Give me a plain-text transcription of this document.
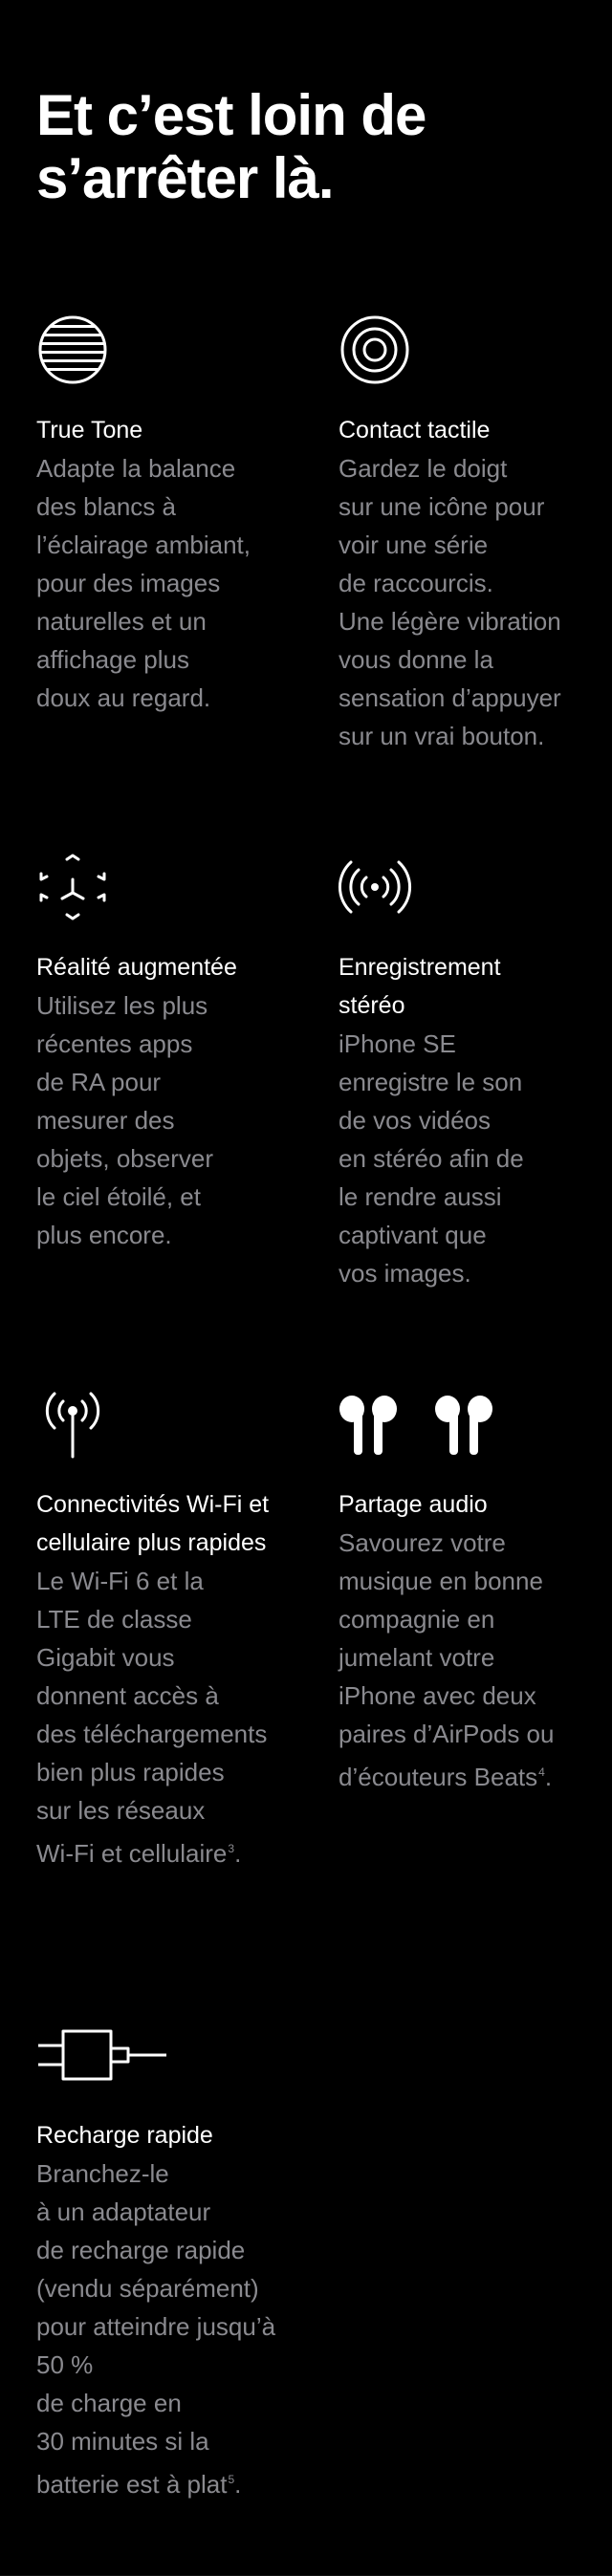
Et c’est loin de
s’arrêter là.
True Tone
Adapte la balance
des blancs à
l’éclairage ambiant,
pour des images
naturelles et un
affichage plus
doux au regard.
Contact tactile
Gardez le doigt
sur une icône pour
voir une série
de raccourcis.
Une légère vibration
vous donne la
sensation d’appuyer
sur un vrai bouton.
Réalité augmentée
Utilisez les plus
récentes apps
de RA pour
mesurer des
objets, observer
le ciel étoilé, et
plus encore.
Enregistrement
stéréo
iPhone SE
enregistre le son
de vos vidéos
en stéréo afin de
le rendre aussi
captivant que
vos images.
Connectivités Wi-Fi et
cellulaire plus rapides
Le Wi-Fi 6 et la
LTE de classe
Gigabit vous
donnent accès à
des téléchargements
bien plus rapides
sur les réseaux
Wi-Fi et cellulaire$^3$.
Partage audio
Savourez votre
musique en bonne
compagnie en
jumelant votre
iPhone avec deux
paires d’AirPods ou
d’écouteurs Beats$^4$.
Recharge rapide
Branchez-le
à un adaptateur
de recharge rapide
(vendu séparément)
pour atteindre jusqu’à
50 %
de charge en
30 minutes si la
batterie est à plat$^5$.
